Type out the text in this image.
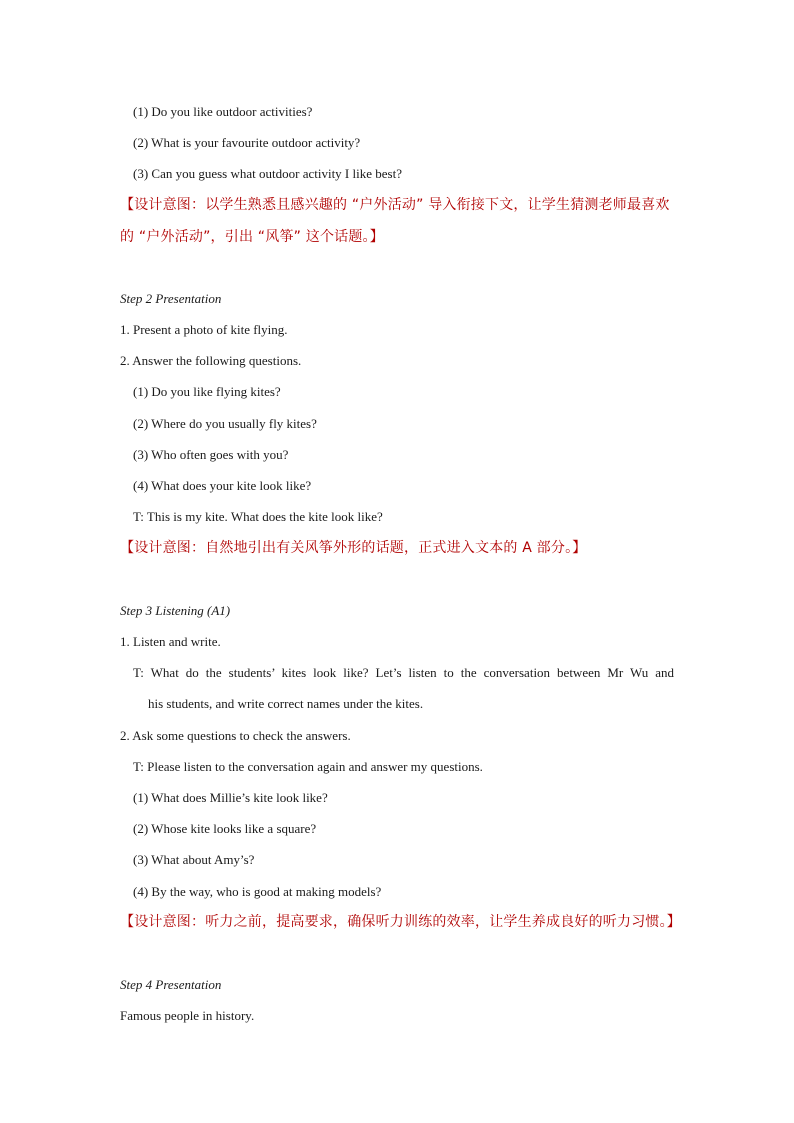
(1) Do you like outdoor activities?
(2) What is your favourite outdoor activity?
(3) Can you guess what outdoor activity I like best?
【设计意图：以学生熟悉且感兴趣的 “户外活动” 导入衔接下文，让学生猜测老师最喜欢
的 “户外活动”，引出 “风筝” 这个话题。】
Step 2 Presentation
1. Present a photo of kite flying.
2. Answer the following questions.
(1) Do you like flying kites?
(2) Where do you usually fly kites?
(3) Who often goes with you?
(4) What does your kite look like?
T: This is my kite. What does the kite look like?
【设计意图：自然地引出有关风筝外形的话题，正式进入文本的 A 部分。】
Step 3 Listening (A1)
1. Listen and write.
T: What do the students’ kites look like? Let’s listen to the conversation between Mr Wu and
his students, and write correct names under the kites.
2. Ask some questions to check the answers.
T: Please listen to the conversation again and answer my questions.
(1) What does Millie’s kite look like?
(2) Whose kite looks like a square?
(3) What about Amy’s?
(4) By the way, who is good at making models?
【设计意图：听力之前，提高要求，确保听力训练的效率，让学生养成良好的听力习惯。】
Step 4 Presentation
Famous people in history.
